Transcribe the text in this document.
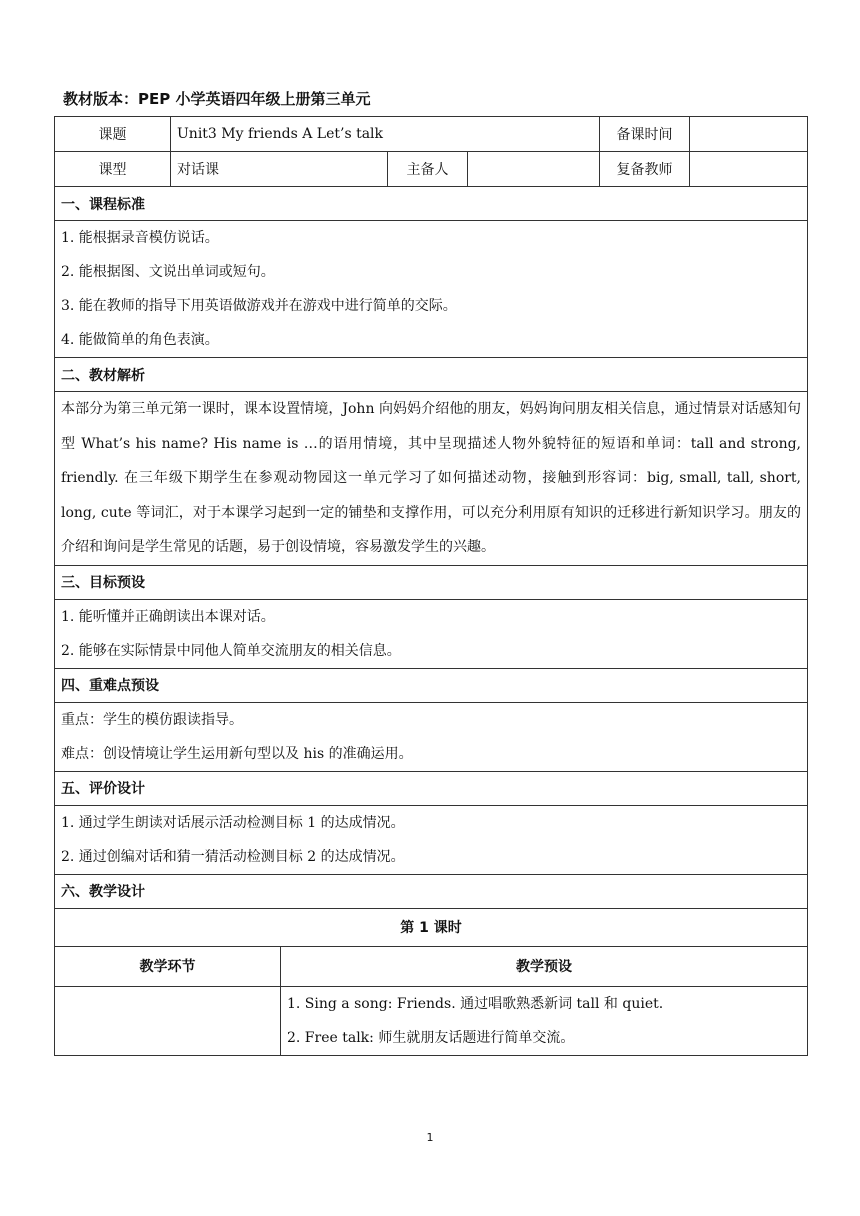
教材版本：PEP 小学英语四年级上册第三单元
课题	Unit3 My friends A Let’s talk				备课时间	
课型	对话课		主备人		复备教师	
一、课程标准						

1. 能根据录音模仿说话。
2. 能根据图、文说出单词或短句。
3. 能在教师的指导下用英语做游戏并在游戏中进行简单的交际。
4. 能做简单的角色表演。						

二、教材解析						
本部分为第三单元第一课时，课本设置情境，John 向妈妈介绍他的朋友，妈妈询问朋友相关信息，通过情景对话感知句型 What’s his name? His name is …的语用情境，其中呈现描述人物外貌特征的短语和单词：tall and strong, friendly. 在三年级下期学生在参观动物园这一单元学习了如何描述动物，接触到形容词：big, small, tall, short, long, cute 等词汇，对于本课学习起到一定的铺垫和支撑作用，可以充分利用原有知识的迁移进行新知识学习。朋友的介绍和询问是学生常见的话题，易于创设情境，容易激发学生的兴趣。						
三、目标预设						

1. 能听懂并正确朗读出本课对话。
2. 能够在实际情景中同他人简单交流朋友的相关信息。						

四、重难点预设						

重点：学生的模仿跟读指导。
难点：创设情境让学生运用新句型以及 his 的准确运用。						

五、评价设计						

1. 通过学生朗读对话展示活动检测目标 1 的达成情况。
2. 通过创编对话和猜一猜活动检测目标 2 的达成情况。						

六、教学设计						
第 1 课时						
教学环节		教学预设				

		1. Sing a song: Friends. 通过唱歌熟悉新词 tall 和 quiet.
2. Free talk: 师生就朋友话题进行简单交流。				
1
